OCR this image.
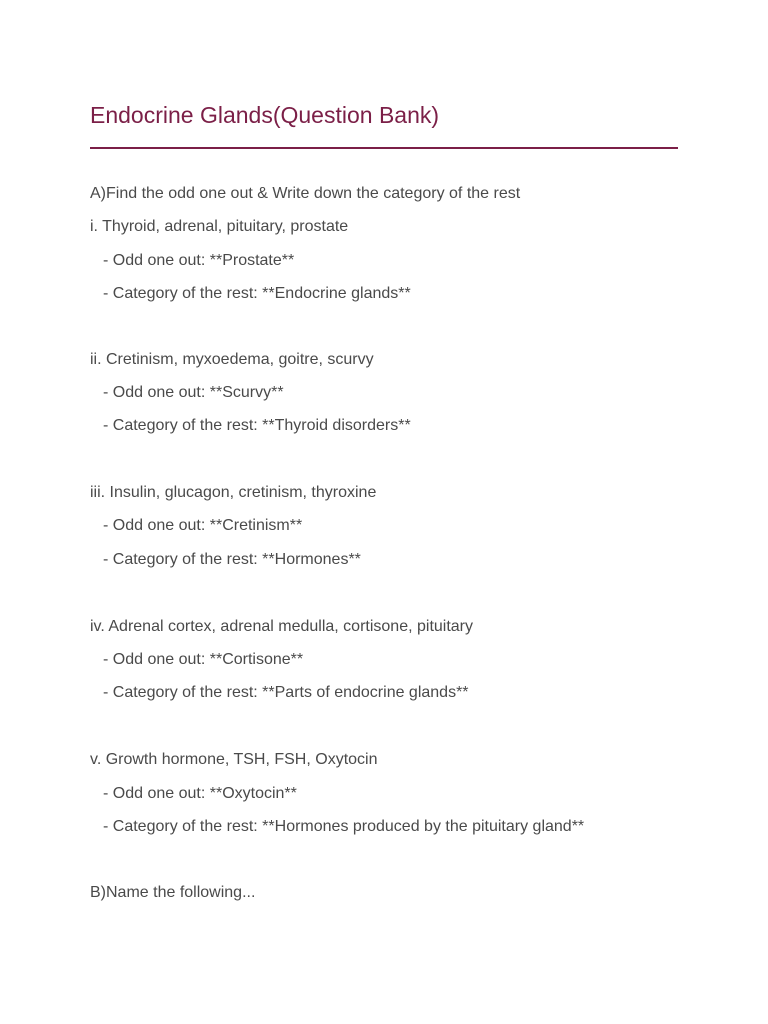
Endocrine Glands(Question Bank)

A)Find the odd one out & Write down the category of the rest

i. Thyroid, adrenal, pituitary, prostate

- Odd one out: **Prostate**

- Category of the rest: **Endocrine glands**

ii. Cretinism, myxoedema, goitre, scurvy

- Odd one out: **Scurvy**

- Category of the rest: **Thyroid disorders**

iii. Insulin, glucagon, cretinism, thyroxine

- Odd one out: **Cretinism**

- Category of the rest: **Hormones**

iv. Adrenal cortex, adrenal medulla, cortisone, pituitary

- Odd one out: **Cortisone**

- Category of the rest: **Parts of endocrine glands**

v. Growth hormone, TSH, FSH, Oxytocin

- Odd one out: **Oxytocin**

- Category of the rest: **Hormones produced by the pituitary gland**

B)Name the following...
